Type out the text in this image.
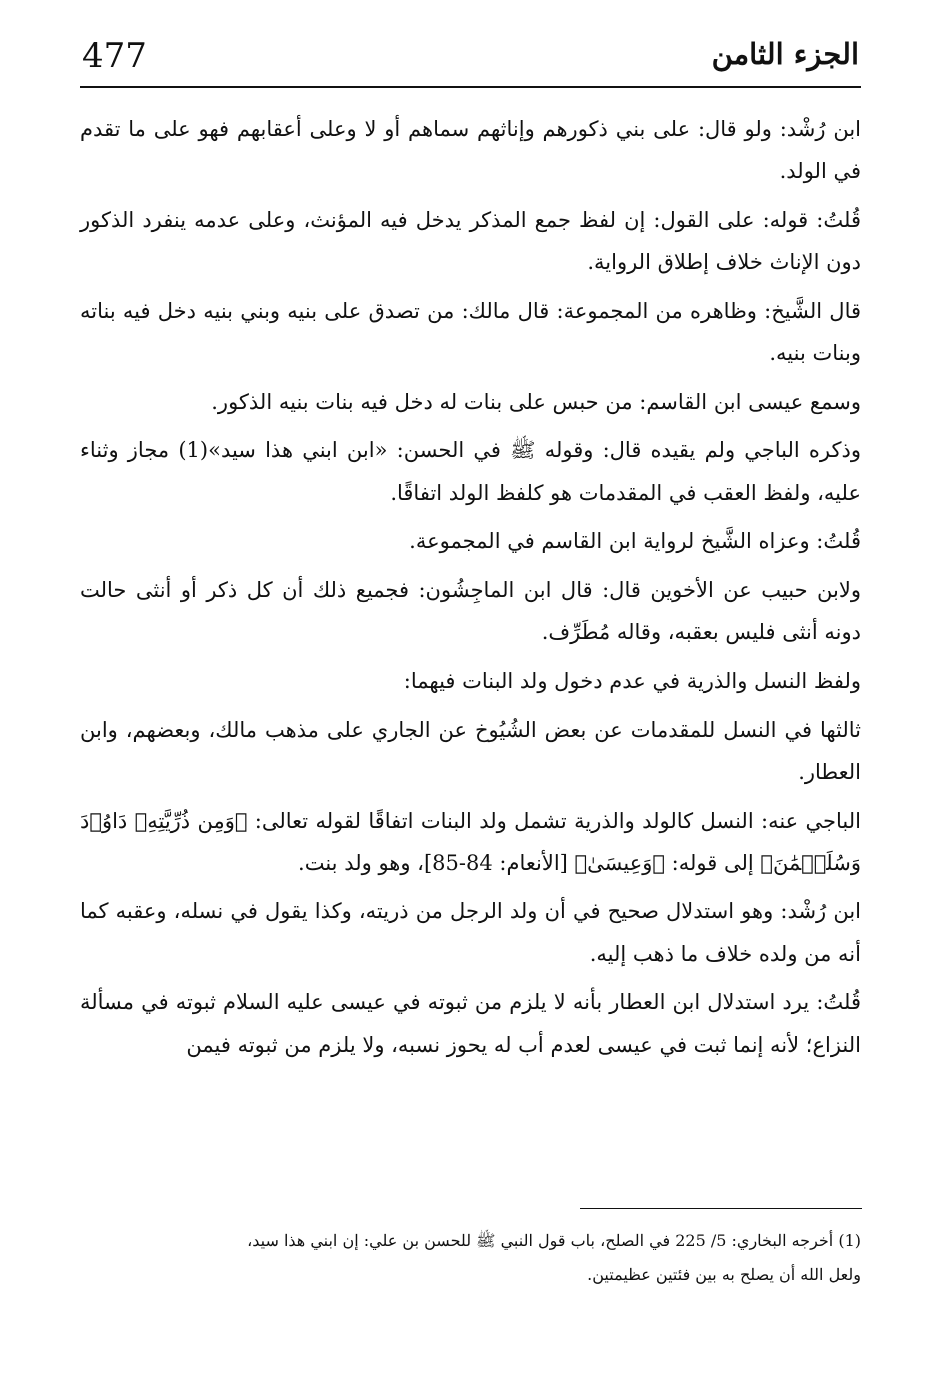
477	الجزء الثامن

ابن رُشْد: ولو قال: على بني ذكورهم وإناثهم سماهم أو لا وعلى أعقابهم فهو على ما تقدم في الولد.

قُلتُ: قوله: على القول: إن لفظ جمع المذكر يدخل فيه المؤنث، وعلى عدمه ينفرد الذكور دون الإناث خلاف إطلاق الرواية.

قال الشَّيخ: وظاهره من المجموعة: قال مالك: من تصدق على بنيه وبني بنيه دخل فيه بناته وبنات بنيه.

وسمع عيسى ابن القاسم: من حبس على بنات له دخل فيه بنات بنيه الذكور.

وذكره الباجي ولم يقيده قال: وقوله ﷺ في الحسن: «ابن ابني هذا سيد»(1) مجاز وثناء عليه، ولفظ العقب في المقدمات هو كلفظ الولد اتفاقًا.

قُلتُ: وعزاه الشَّيخ لرواية ابن القاسم في المجموعة.

ولابن حبيب عن الأخوين قال: قال ابن الماجِشُون: فجميع ذلك أن كل ذكر أو أنثى حالت دونه أنثى فليس بعقبه، وقاله مُطَرِّف.

ولفظ النسل والذرية في عدم دخول ولد البنات فيهما:

ثالثها في النسل للمقدمات عن بعض الشُيُوخ عن الجاري على مذهب مالك، وبعضهم، وابن العطار.

الباجي عنه: النسل كالولد والذرية تشمل ولد البنات اتفاقًا لقوله تعالى: ﴿وَمِن ذُرِّيَّتِهِۦ دَاوُۥدَ وَسُلَيۡمَٰنَ﴾ إلى قوله: ﴿وَعِيسَىٰ﴾ [الأنعام: 84-85]، وهو ولد بنت.

ابن رُشْد: وهو استدلال صحيح في أن ولد الرجل من ذريته، وكذا يقول في نسله، وعقبه كما أنه من ولده خلاف ما ذهب إليه.

قُلتُ: يرد استدلال ابن العطار بأنه لا يلزم من ثبوته في عيسى عليه السلام ثبوته في مسألة النزاع؛ لأنه إنما ثبت في عيسى لعدم أب له يحوز نسبه، ولا يلزم من ثبوته فيمن

(1) أخرجه البخاري: 5/ 225 في الصلح، باب قول النبي ﷺ للحسن بن علي: إن ابني هذا سيد،

ولعل الله أن يصلح به بين فئتين عظيمتين.
